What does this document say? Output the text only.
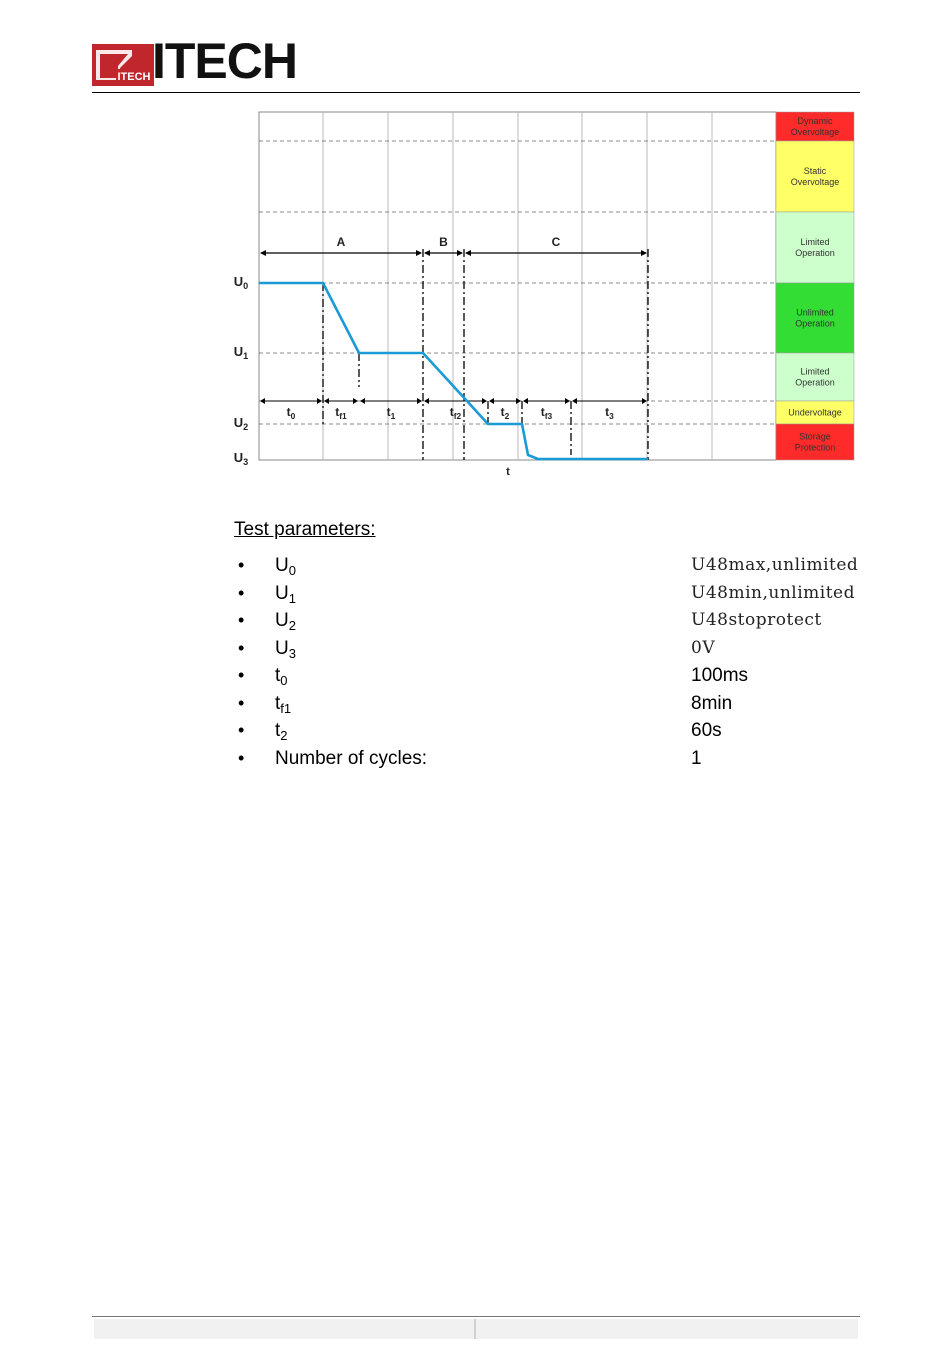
ITECH ITECH
Dynamic
Overvoltage
Static
Overvoltage
Limited
Operation
Unlimited
Operation
Limited
Operation
Undervoltage
Storage
Protection
A	B	C
$t_0$	$t_{f1}$	$t_1$	$t_{f2}$	$t_2$	$t_{f3}$	$t_3$
$U_0$
$U_1$
$U_2$
$U_3$
t
Test parameters:
• $U_0$	U48max,unlimited
• $U_1$	U48min,unlimited
• $U_2$	U48stoprotect
• $U_3$	0V
• $t_0$	100ms
• $t_{f1}$	8min
• $t_2$	60s
• Number of cycles:	1
